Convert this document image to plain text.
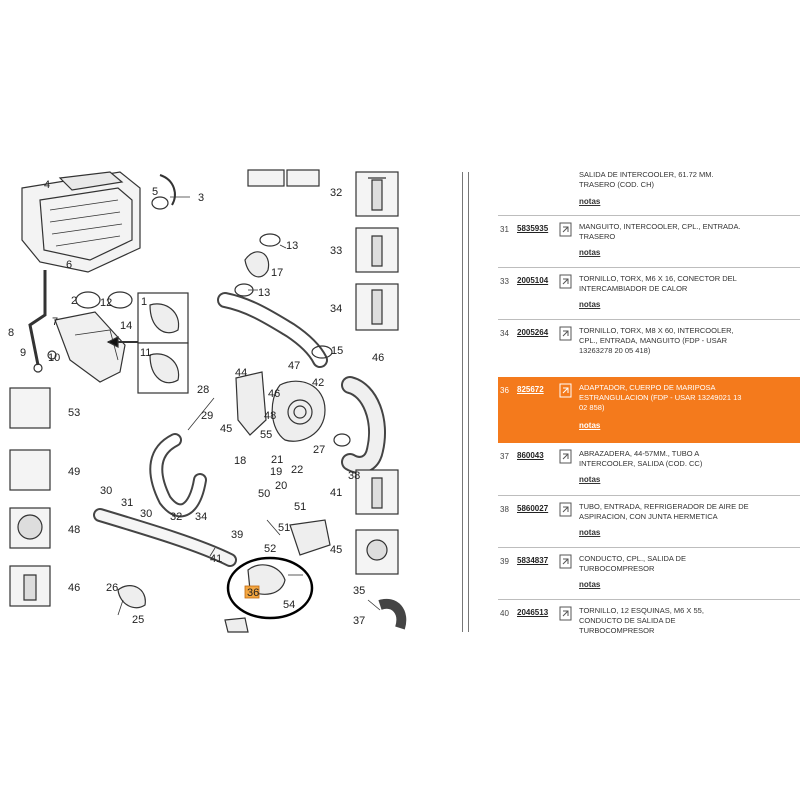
4
5	3
6
2 12
14
7
8
9 10
1
11
13
17
13
15
46
47
44
42
46
28
29
45
48
55
27
18 21
19 22	38
20
50
51
51
52
30
31
30 32 34
39
41
36
54
35
37
26
25
53
49
48
46
32
33
34
41
45
SALIDA DE INTERCOOLER, 61.72 MM.
TRASERO (COD. CH)
notas
31 5835935	MANGUITO, INTERCOOLER, CPL., ENTRADA.
TRASERO
notas
33 2005104	TORNILLO, TORX, M6 X 16, CONECTOR DEL
INTERCAMBIADOR DE CALOR
notas
34 2005264	TORNILLO, TORX, M8 X 60, INTERCOOLER,
CPL., ENTRADA, MANGUITO (FDP - USAR
13263278 20 05 418)
36 825672	ADAPTADOR, CUERPO DE MARIPOSA
ESTRANGULACION (FDP - USAR 13249021 13
02 858)
notas
37 860043	ABRAZADERA, 44-57MM., TUBO A
INTERCOOLER, SALIDA (COD. CC)
notas
38 5860027	TUBO, ENTRADA, REFRIGERADOR DE AIRE DE
ASPIRACION, CON JUNTA HERMETICA
notas
39 5834837	CONDUCTO, CPL., SALIDA DE
TURBOCOMPRESOR
notas
40 2046513	TORNILLO, 12 ESQUINAS, M6 X 55,
CONDUCTO DE SALIDA DE
TURBOCOMPRESOR
